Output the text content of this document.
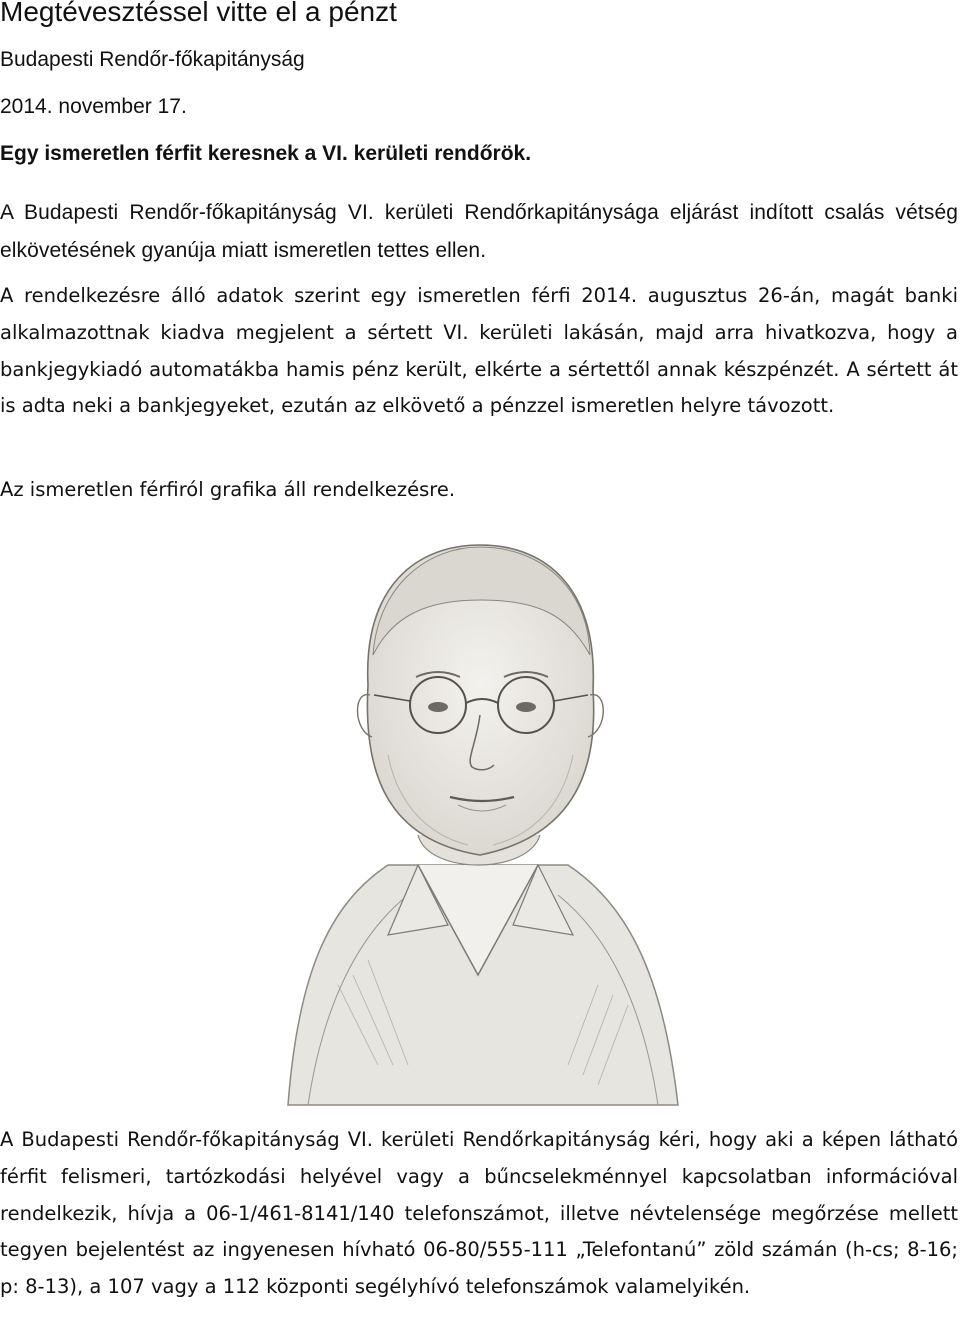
Megtévesztéssel vitte el a pénzt
Budapesti Rendőr-főkapitányság
2014. november 17.
Egy ismeretlen férfit keresnek a VI. kerületi rendőrök.
A Budapesti Rendőr-főkapitányság VI. kerületi Rendőrkapitánysága eljárást indított csalás vétség elkövetésének gyanúja miatt ismeretlen tettes ellen.
A rendelkezésre álló adatok szerint egy ismeretlen férfi 2014. augusztus 26-án, magát banki alkalmazottnak kiadva megjelent a sértett VI. kerületi lakásán, majd arra hivatkozva, hogy a bankjegykiadó automatákba hamis pénz került, elkérte a sértettől annak készpénzét. A sértett át is adta neki a bankjegyeket, ezután az elkövető a pénzzel ismeretlen helyre távozott.
Az ismeretlen férfiról grafika áll rendelkezésre.
A Budapesti Rendőr-főkapitányság VI. kerületi Rendőrkapitányság kéri, hogy aki a képen látható férfit felismeri, tartózkodási helyével vagy a bűncselekménnyel kapcsolatban információval rendelkezik, hívja a 06-1/461-8141/140 telefonszámot, illetve névtelensége megőrzése mellett tegyen bejelentést az ingyenesen hívható 06-80/555-111 „Telefontanú” zöld számán (h-cs; 8-16; p: 8-13), a 107 vagy a 112 központi segélyhívó telefonszámok valamelyikén.
